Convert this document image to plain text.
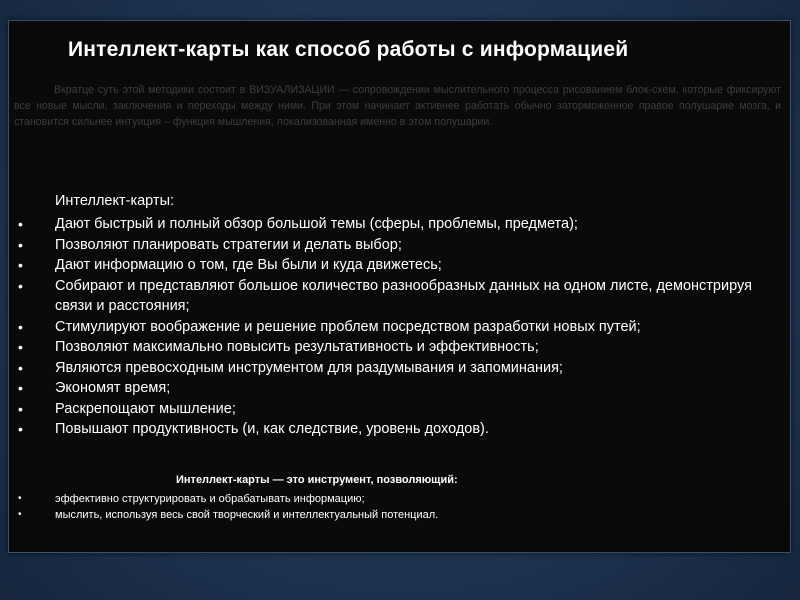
Интеллект-карты как способ работы с информацией
Вкратце суть этой методики состоит в ВИЗУАЛИЗАЦИИ — сопровождении мыслительного процесса рисованием блок-схем, которые фиксируют все новые мысли, заключения и переходы между ними. При этом начинает активнее работать обычно заторможенное правое полушарие мозга, и становится сильнее интуиция – функция мышления, локализованная именно в этом полушарии.
Интеллект-карты:
• Дают быстрый и полный обзор большой темы (сферы, проблемы, предмета);
• Позволяют планировать стратегии и делать выбор;
• Дают информацию о том, где Вы были и куда движетесь;
• Собирают и представляют большое количество разнообразных данных на одном листе, демонстрируя связи и расстояния;
• Стимулируют воображение и решение проблем посредством разработки новых путей;
• Позволяют максимально повысить результативность и эффективность;
• Являются превосходным инструментом для раздумывания и запоминания;
• Экономят время;
• Раскрепощают мышление;
• Повышают продуктивность (и, как следствие, уровень доходов).
Интеллект-карты — это инструмент, позволяющий:
•	эффективно структурировать и обрабатывать информацию;
•	мыслить, используя весь свой творческий и интеллектуальный потенциал.
